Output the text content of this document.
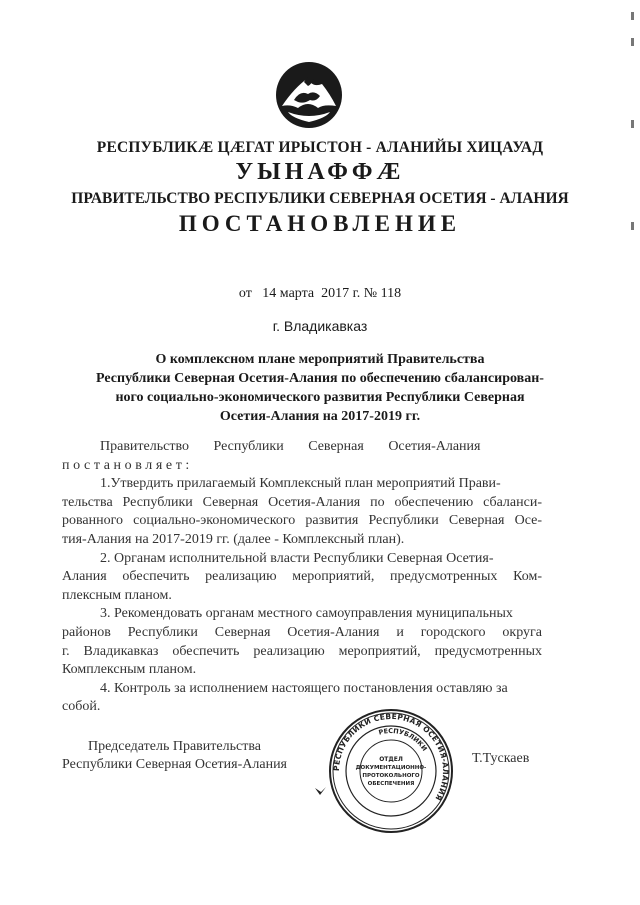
РЕСПУБЛИКӔ ЦӔГАТ ИРЫСТОН - АЛАНИЙЫ ХИЦАУАД
УЫНАФФӔ
ПРАВИТЕЛЬСТВО РЕСПУБЛИКИ СЕВЕРНАЯ ОСЕТИЯ - АЛАНИЯ
ПОСТАНОВЛЕНИЕ
от   14 марта  2017 г. № 118
г. Владикавказ
О комплексном плане мероприятий Правительства
Республики Северная Осетия-Алания по обеспечению сбалансирован-
ного социально-экономического развития Республики Северная
Осетия-Алания на 2017-2019 гг.
Правительство       Республики       Северная       Осетия-Алания
постановляет:
1.Утвердить прилагаемый Комплексный план мероприятий Прави-
тельства Республики Северная Осетия-Алания по обеспечению сбаланси-
рованного социально-экономического развития Республики Северная Осе-
тия-Алания на 2017-2019 гг. (далее - Комплексный план).
2. Органам исполнительной власти Республики Северная Осетия-
Алания обеспечить реализацию мероприятий, предусмотренных Ком-
плексным планом.
3. Рекомендовать органам местного самоуправления муниципальных
районов Республики Северная Осетия-Алания и городского округа
г. Владикавказ обеспечить реализацию мероприятий, предусмотренных
Комплексным планом.
4. Контроль за исполнением настоящего постановления оставляю за
собой.
Председатель Правительства
Республики Северная Осетия-Алания	РЕСПУБЛИКИ СЕВЕРНАЯ ОСЕТИЯ-АЛАНИЯ
РЕСПУБЛИКИ
ОТДЕЛ
ДОКУМЕНТАЦИОННО-
ПРОТОКОЛЬНОГО
ОБЕСПЕЧЕНИЯ
Т.Тускаев
